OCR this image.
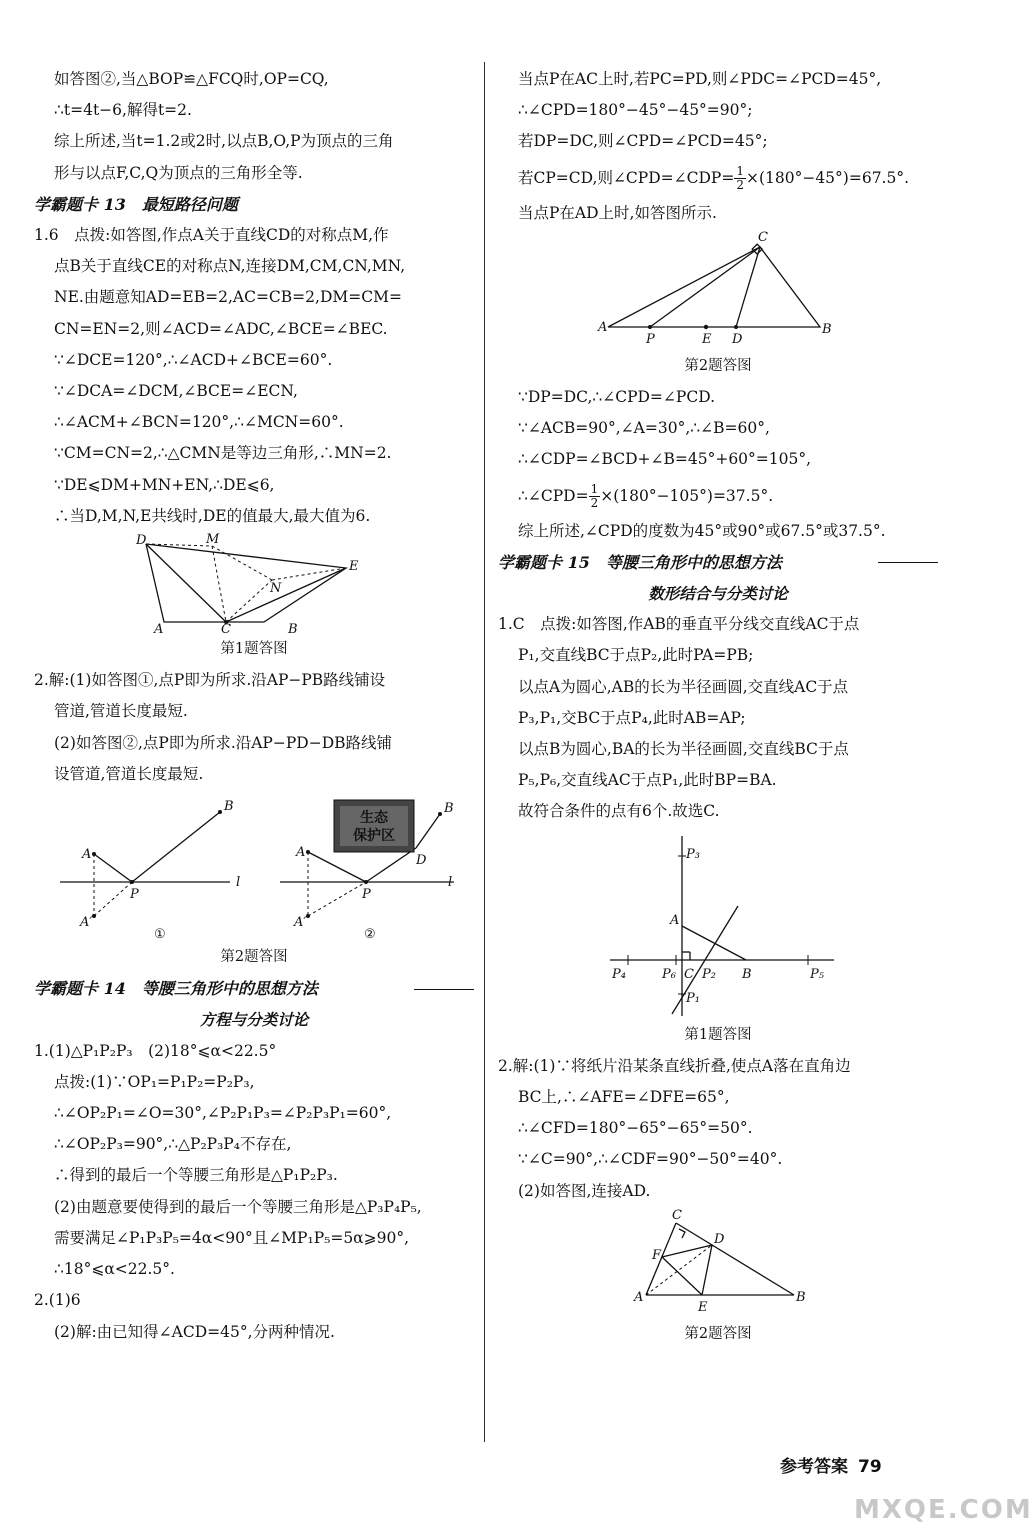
如答图②,当△BOP≌△FCQ时,OP=CQ,
∴t=4t−6,解得t=2.
综上所述,当t=1.2或2时,以点B,O,P为顶点的三角
形与以点F,C,Q为顶点的三角形全等.
学霸题卡 13　最短路径问题
1.6　点拨:如答图,作点A关于直线CD的对称点M,作
点B关于直线CE的对称点N,连接DM,CM,CN,MN,
NE.由题意知AD=EB=2,AC=CB=2,DM=CM=
CN=EN=2,则∠ACD=∠ADC,∠BCE=∠BEC.
∵∠DCE=120°,∴∠ACD+∠BCE=60°.
∵∠DCA=∠DCM,∠BCE=∠ECN,
∴∠ACM+∠BCN=120°,∴∠MCN=60°.
∵CM=CN=2,∴△CMN是等边三角形,∴MN=2.
∵DE⩽DM+MN+EN,∴DE⩽6,
∴当D,M,N,E共线时,DE的值最大,最大值为6.
D	M
N
E
A	C	B
第1题答图
2.解:(1)如答图①,点P即为所求.沿AP−PB路线铺设
管道,管道长度最短.
(2)如答图②,点P即为所求.沿AP−PD−DB路线铺
设管道,管道长度最短.
生态
保护区
A
B
P
A′
l
①
A
B
P
D
A′
l
②
第2题答图
学霸题卡 14　等腰三角形中的思想方法
方程与分类讨论
1.(1)△P₁P₂P₃　(2)18°⩽α<22.5°
点拨:(1)∵OP₁=P₁P₂=P₂P₃,
∴∠OP₂P₁=∠O=30°,∠P₂P₁P₃=∠P₂P₃P₁=60°,
∴∠OP₂P₃=90°,∴△P₂P₃P₄不存在,
∴得到的最后一个等腰三角形是△P₁P₂P₃.
(2)由题意要使得到的最后一个等腰三角形是△P₃P₄P₅,
需要满足∠P₁P₃P₅=4α<90°且∠MP₁P₅=5α⩾90°,
∴18°⩽α<22.5°.
2.(1)6
(2)解:由已知得∠ACD=45°,分两种情况.
当点P在AC上时,若PC=PD,则∠PDC=∠PCD=45°,
∴∠CPD=180°−45°−45°=90°;
若DP=DC,则∠CPD=∠PCD=45°;
若CP=CD,则∠CPD=∠CDP= $\frac{1}{2} \times(180^\circ-45^\circ)=67.5^\circ$.
当点P在AD上时,如答图所示.
C
A
P	E D
B
第2题答图
∵DP=DC,∴∠CPD=∠PCD.
∵∠ACB=90°,∠A=30°,∴∠B=60°,
∴∠CDP=∠BCD+∠B=45°+60°=105°,
∴∠CPD= $\frac{1}{2} \times(180^\circ-105^\circ)=37.5^\circ$.
综上所述,∠CPD的度数为45°或90°或67.5°或37.5°.
学霸题卡 15　等腰三角形中的思想方法
数形结合与分类讨论
1.C　点拨:如答图,作AB的垂直平分线交直线AC于点
P₁,交直线BC于点P₂,此时PA=PB;
以点A为圆心,AB的长为半径画圆,交直线AC于点
P₃,P₁,交BC于点P₄,此时AB=AP;
以点B为圆心,BA的长为半径画圆,交直线BC于点
P₅,P₆,交直线AC于点P₁,此时BP=BA.
故符合条件的点有6个.故选C.
P₃
A
P₄	P₆ C P₂ B	P₅
P₁
第1题答图
2.解:(1)∵将纸片沿某条直线折叠,使点A落在直角边
BC上,∴∠AFE=∠DFE=65°,
∴∠CFD=180°−65°−65°=50°.
∵∠C=90°,∴∠CDF=90°−50°=40°.
(2)如答图,连接AD.
C
D
F
A
E
B
第2题答图
参考答案 79
MXQE.COM
